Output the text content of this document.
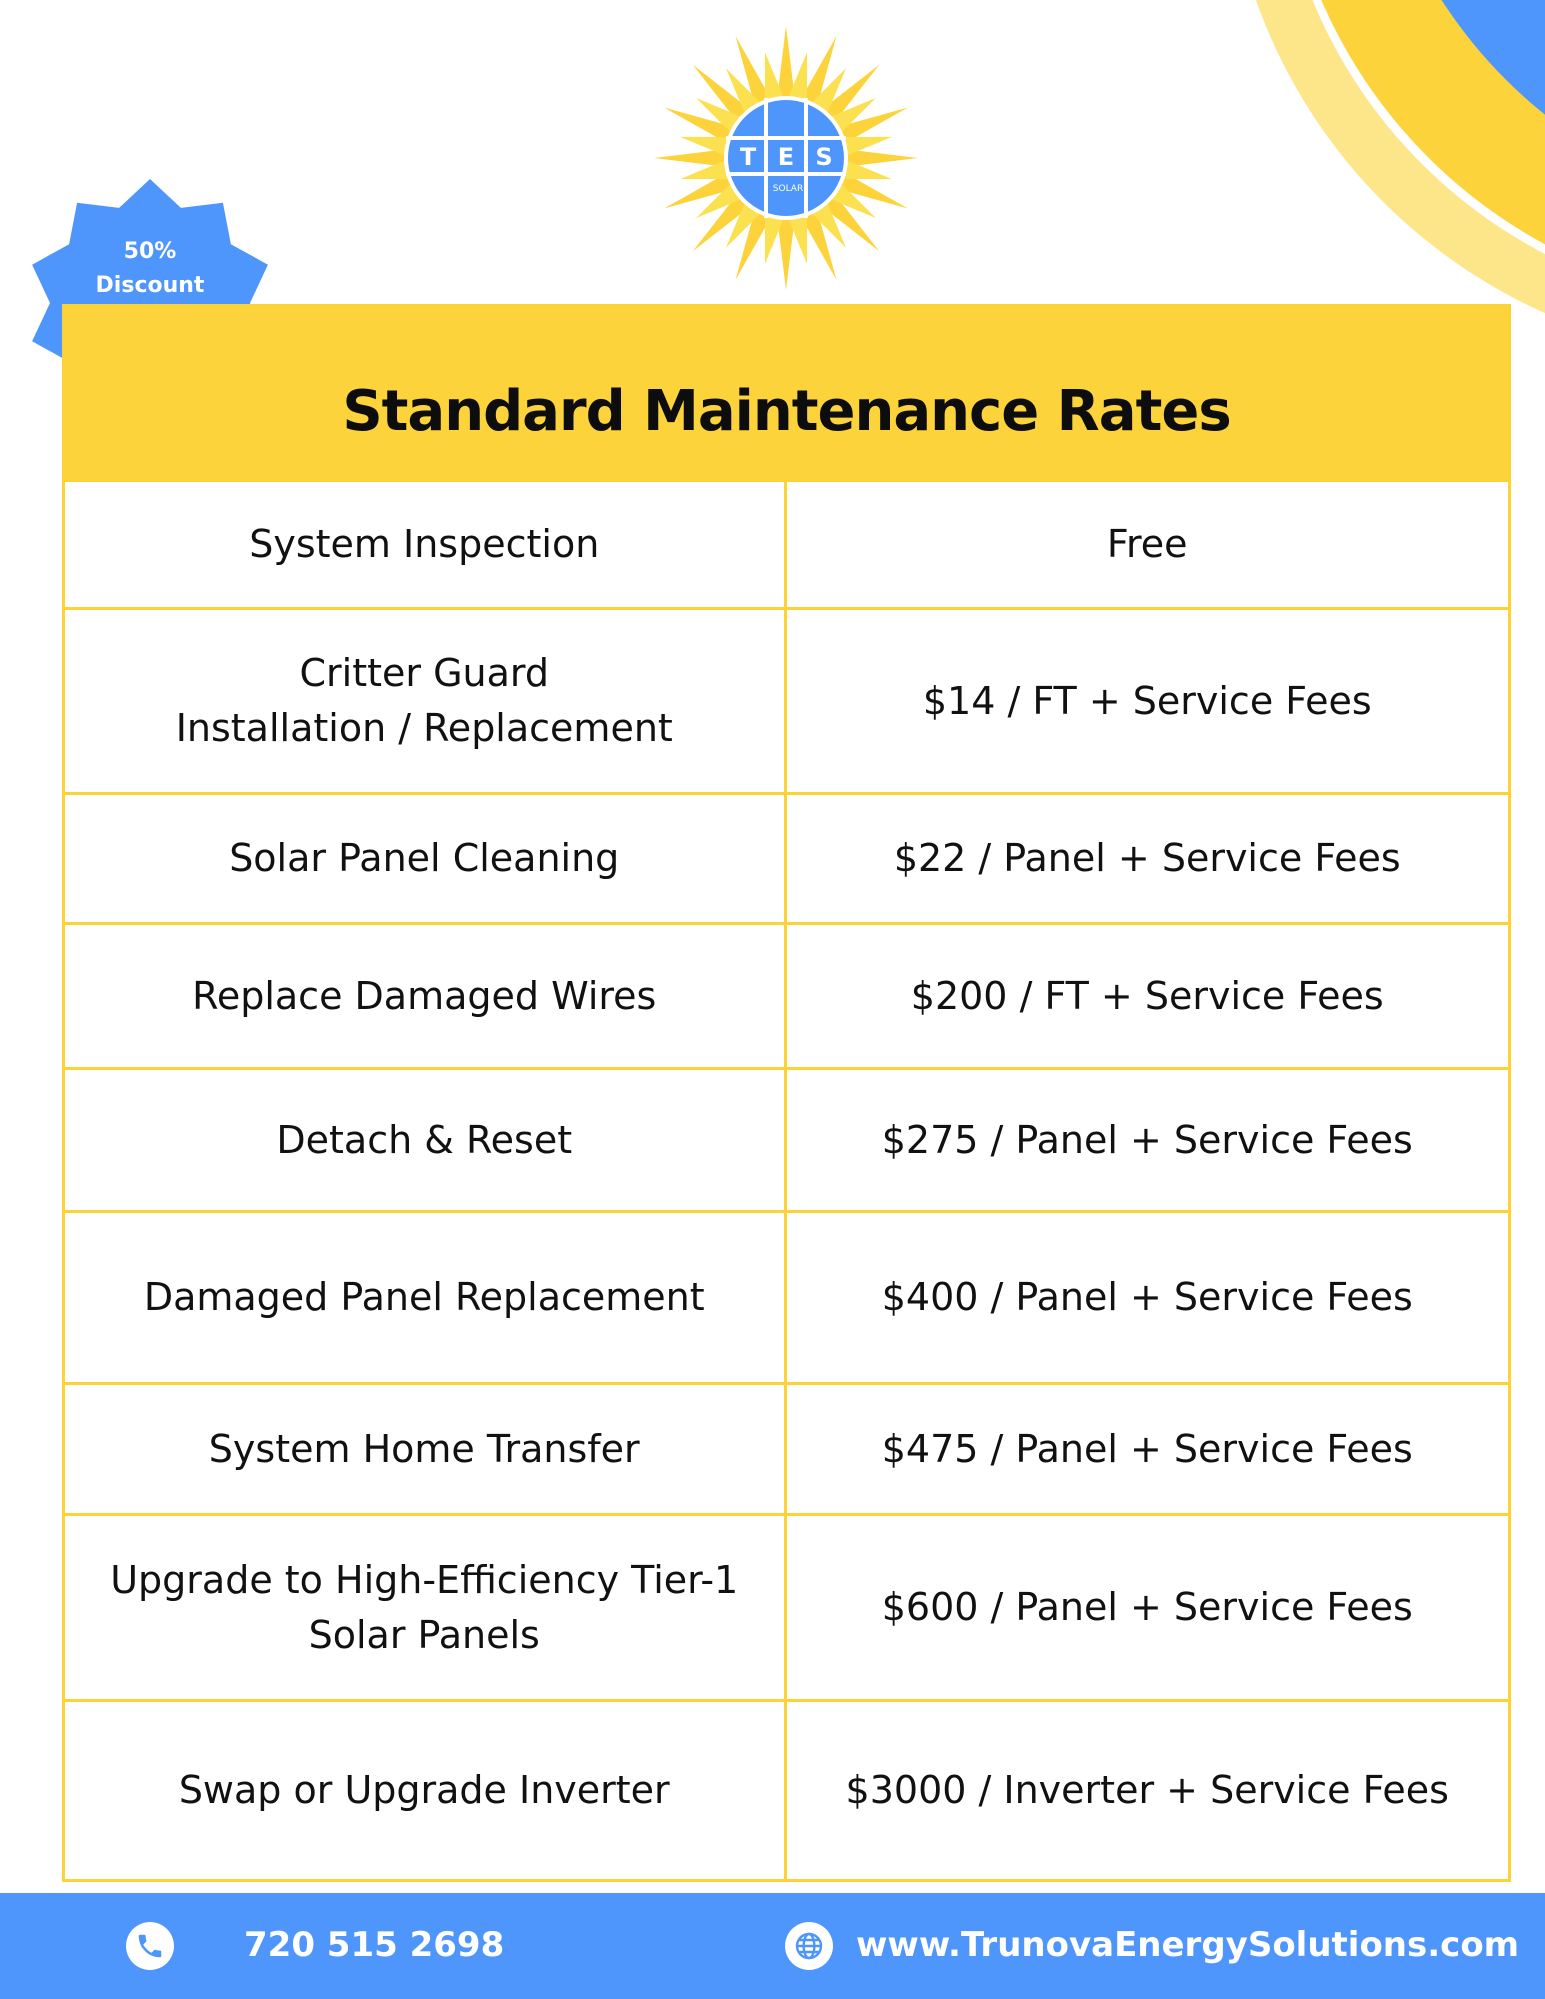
T E S
SOLAR
50%
Discount
Standard Maintenance Rates
System Inspection	Free
Critter Guard
Installation / Replacement
$14 / FT + Service Fees
Solar Panel Cleaning	$22 / Panel + Service Fees
Replace Damaged Wires	$200 / FT + Service Fees
Detach & Reset	$275 / Panel + Service Fees
Damaged Panel Replacement	$400 / Panel + Service Fees
System Home Transfer	$475 / Panel + Service Fees
Upgrade to High-Efficiency Tier-1
Solar Panels
$600 / Panel + Service Fees
Swap or Upgrade Inverter	$3000 / Inverter + Service Fees
720 515 2698	www.TrunovaEnergySolutions.com
